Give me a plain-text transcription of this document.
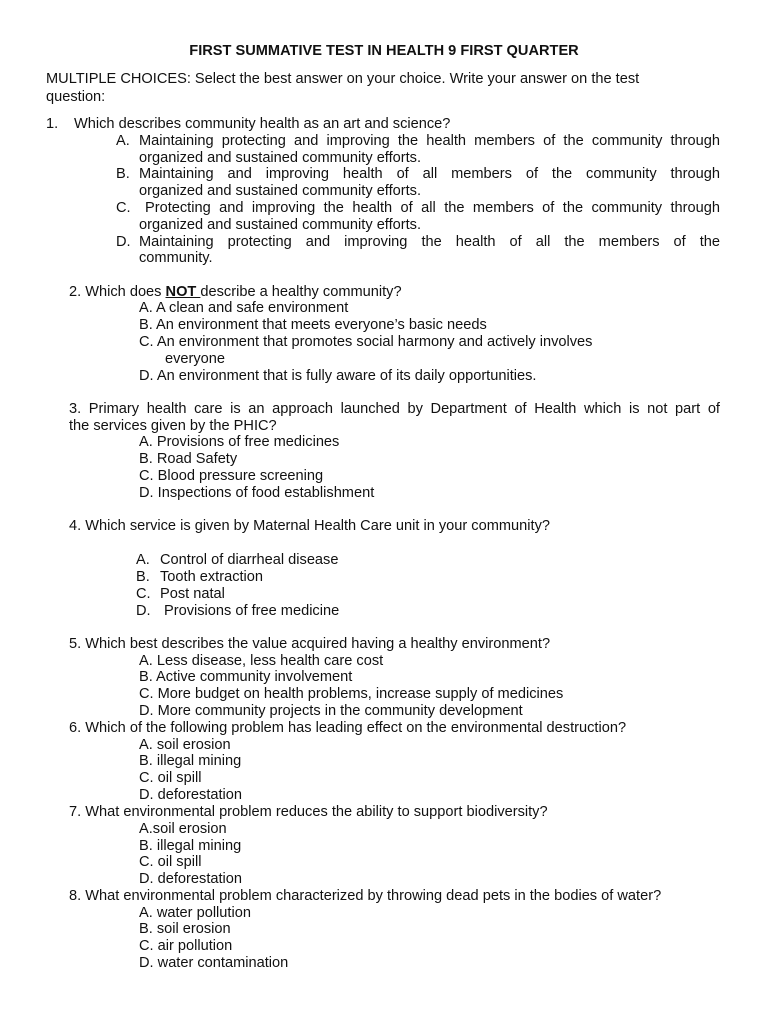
FIRST SUMMATIVE TEST IN HEALTH 9 FIRST QUARTER
MULTIPLE CHOICES: Select the best answer on your choice. Write your answer on the test
question:
1. Which describes community health as an art and science?
A. Maintaining protecting and improving the health members of the community through
organized and sustained community efforts.
B. Maintaining and improving health of all members of the community through
organized and sustained community efforts.
C. Protecting and improving the health of all the members of the community through
organized and sustained community efforts.
D. Maintaining protecting and improving the health of all the members of the
community.
2. Which does NOT describe a healthy community?
A. A clean and safe environment
B. An environment that meets everyone’s basic needs
C. An environment that promotes social harmony and actively involves
everyone
D. An environment that is fully aware of its daily opportunities.
3. Primary health care is an approach launched by Department of Health which is not part of
the services given by the PHIC?
A. Provisions of free medicines
B. Road Safety
C. Blood pressure screening
D. Inspections of food establishment
4. Which service is given by Maternal Health Care unit in your community?
A. Control of diarrheal disease
B. Tooth extraction
C. Post natal
D. Provisions of free medicine
5. Which best describes the value acquired having a healthy environment?
A. Less disease, less health care cost
B. Active community involvement
C. More budget on health problems, increase supply of medicines
D. More community projects in the community development
6. Which of the following problem has leading effect on the environmental destruction?
A. soil erosion
B. illegal mining
C. oil spill
D. deforestation
7. What environmental problem reduces the ability to support biodiversity?
A.soil erosion
B. illegal mining
C. oil spill
D. deforestation
8. What environmental problem characterized by throwing dead pets in the bodies of water?
A. water pollution
B. soil erosion
C. air pollution
D. water contamination
